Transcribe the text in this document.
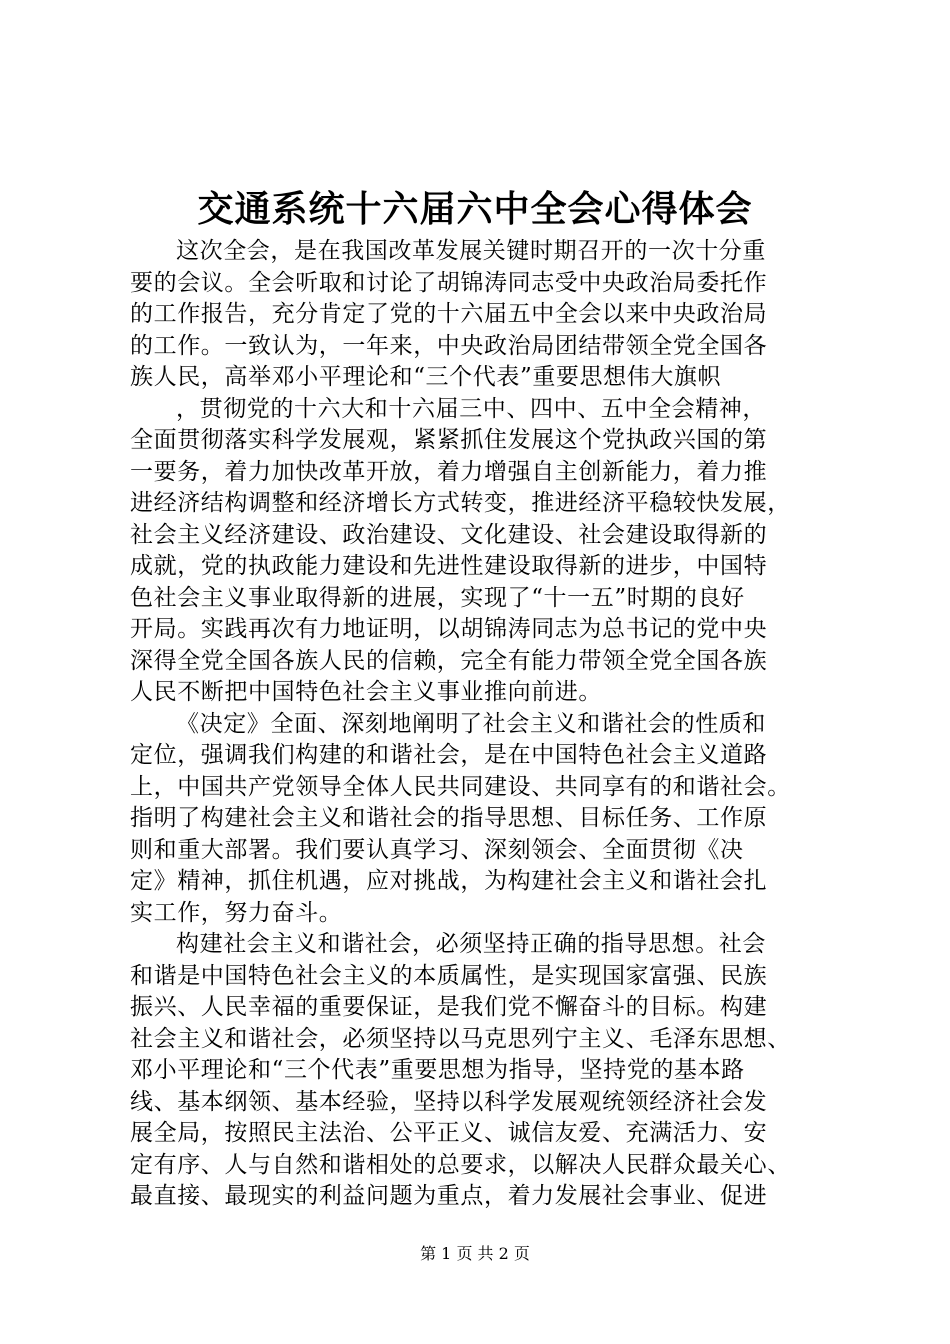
交通系统十六届六中全会心得体会
这次全会，是在我国改革发展关键时期召开的一次十分重
要的会议。全会听取和讨论了胡锦涛同志受中央政治局委托作
的工作报告，充分肯定了党的十六届五中全会以来中央政治局
的工作。一致认为，一年来，中央政治局团结带领全党全国各
族人民，高举邓小平理论和“三个代表”重要思想伟大旗帜
，贯彻党的十六大和十六届三中、四中、五中全会精神，
全面贯彻落实科学发展观，紧紧抓住发展这个党执政兴国的第
一要务，着力加快改革开放，着力增强自主创新能力，着力推
进经济结构调整和经济增长方式转变，推进经济平稳较快发展，
社会主义经济建设、政治建设、文化建设、社会建设取得新的
成就，党的执政能力建设和先进性建设取得新的进步，中国特
色社会主义事业取得新的进展，实现了“十一五”时期的良好
开局。实践再次有力地证明，以胡锦涛同志为总书记的党中央
深得全党全国各族人民的信赖，完全有能力带领全党全国各族
人民不断把中国特色社会主义事业推向前进。
《决定》全面、深刻地阐明了社会主义和谐社会的性质和
定位，强调我们构建的和谐社会，是在中国特色社会主义道路
上，中国共产党领导全体人民共同建设、共同享有的和谐社会。
指明了构建社会主义和谐社会的指导思想、目标任务、工作原
则和重大部署。我们要认真学习、深刻领会、全面贯彻《决
定》精神，抓住机遇，应对挑战，为构建社会主义和谐社会扎
实工作，努力奋斗。
构建社会主义和谐社会，必须坚持正确的指导思想。社会
和谐是中国特色社会主义的本质属性，是实现国家富强、民族
振兴、人民幸福的重要保证，是我们党不懈奋斗的目标。构建
社会主义和谐社会，必须坚持以马克思列宁主义、毛泽东思想、
邓小平理论和“三个代表”重要思想为指导，坚持党的基本路
线、基本纲领、基本经验，坚持以科学发展观统领经济社会发
展全局，按照民主法治、公平正义、诚信友爱、充满活力、安
定有序、人与自然和谐相处的总要求，以解决人民群众最关心、
最直接、最现实的利益问题为重点，着力发展社会事业、促进
第 1 页 共 2 页
